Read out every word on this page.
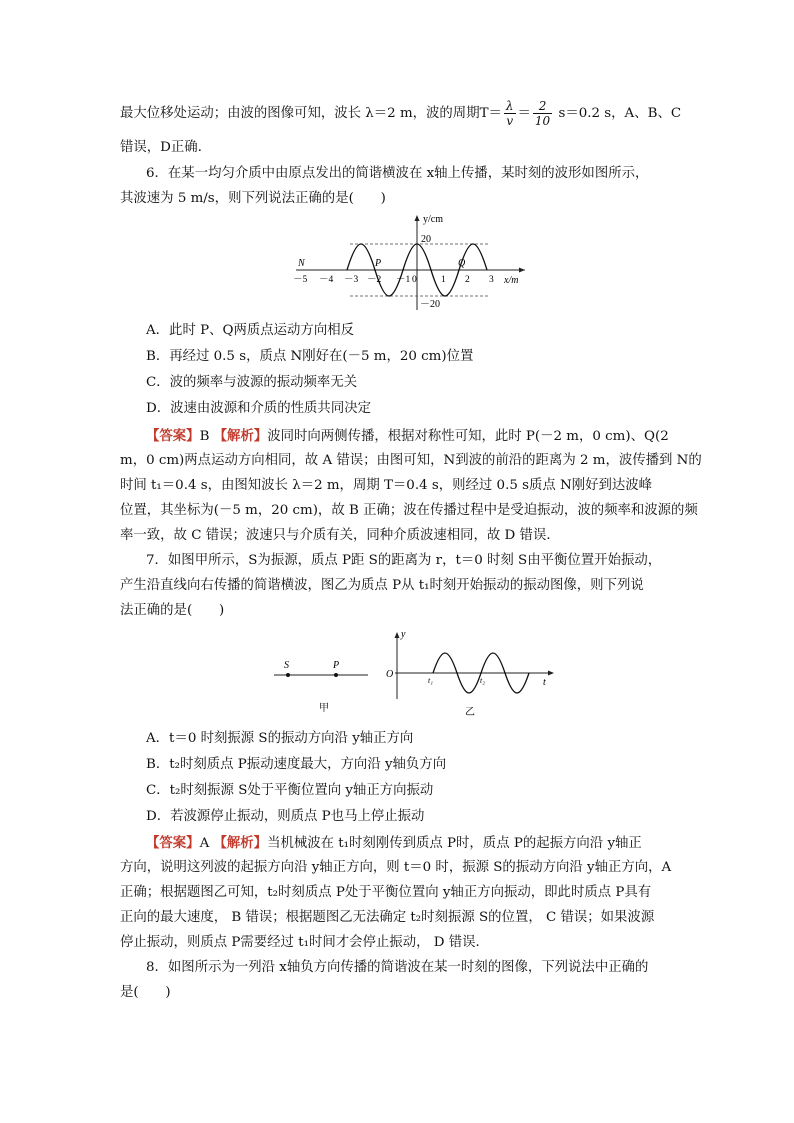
最大位移处运动；由波的图像可知，波长 λ＝2 m，波的周期$T= \frac{\lambda}{v} = \frac{2}{10} s=0.2$ s，A、B、C
错误，D正确．
6．在某一均匀介质中由原点发出的简谐横波在 x轴上传播，某时刻的波形如图所示，
其波速为 5 m/s，则下列说法正确的是(　　)
y/cm
x/m
20
－20
0
－5 －4 －3 －2 －1	1 2 3
N	P	Q
A．此时 P、Q两质点运动方向相反
B．再经过 0.5 s，质点 N刚好在(－5 m，20 cm)位置
C．波的频率与波源的振动频率无关
D．波速由波源和介质的性质共同决定
【答案】B 【解析】波同时向两侧传播，根据对称性可知，此时 P(－2 m，0 cm)、Q(2
m，0 cm)两点运动方向相同，故 A 错误；由图可知，N到波的前沿的距离为 2 m，波传播到 N的
时间 t₁＝0.4 s，由图知波长 λ＝2 m，周期 T＝0.4 s，则经过 0.5 s质点 N刚好到达波峰
位置，其坐标为(－5 m，20 cm)，故 B 正确；波在传播过程中是受迫振动，波的频率和波源的频
率一致，故 C 错误；波速只与介质有关，同种介质波速相同，故 D 错误．
7．如图甲所示，S为振源，质点 P距 S的距离为 r，t＝0 时刻 S由平衡位置开始振动，
产生沿直线向右传播的简谐横波，图乙为质点 P从 t₁时刻开始振动的振动图像，则下列说
法正确的是(　　)
S	P
甲
y
t
O
t₁	t₂
乙
A．t＝0 时刻振源 S的振动方向沿 y轴正方向
B．t₂时刻质点 P振动速度最大，方向沿 y轴负方向
C．t₂时刻振源 S处于平衡位置向 y轴正方向振动
D．若波源停止振动，则质点 P也马上停止振动
【答案】A 【解析】当机械波在 t₁时刻刚传到质点 P时，质点 P的起振方向沿 y轴正
方向，说明这列波的起振方向沿 y轴正方向，则 t＝0 时，振源 S的振动方向沿 y轴正方向，A
正确；根据题图乙可知，t₂时刻质点 P处于平衡位置向 y轴正方向振动，即此时质点 P具有
正向的最大速度， B 错误；根据题图乙无法确定 t₂时刻振源 S的位置， C 错误；如果波源
停止振动，则质点 P需要经过 t₁时间才会停止振动， D 错误．
8．如图所示为一列沿 x轴负方向传播的简谐波在某一时刻的图像，下列说法中正确的
是(　　)
